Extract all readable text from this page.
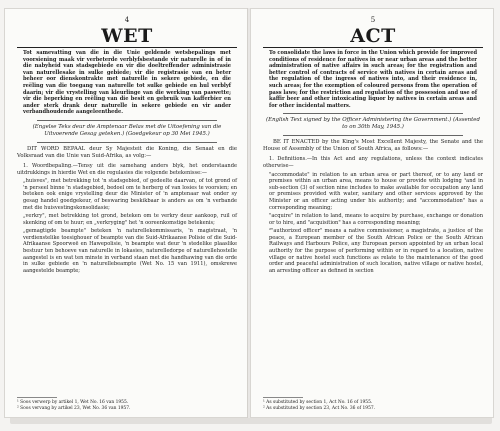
4
WET
Tot samevatting van die in die Unie geldende wetsbepalings met voorsiening maak vir verbeterde verblyfsbestande vir naturelle in of in die nabyheid van stadsgebiede en vir die doeltreffender administrasie van naturellesake in sulke gebiede; vir die registrasie van en beter beheer oor dienskontrakte met naturelle in sekere gebiede, en die reëling van die toegang van naturelle tot sulke gebiede en hul verblyf daarin; vir die vrystelling van kleurlinge van die werking van paswette; vir die beperking en reëling van die besit en gebruik van kafferbier en ander sterk drank deur naturelle in sekere gebiede en vir ander verbandhoudende aangeleenthede.
(Engelse Teks deur die Amptenaar Belas met die Uitoefening van die Uitvoerende Gesag geteken.) (Goedgekeur op 30 Mei 1945.)
DIT WORD BEPAAL deur Sy Majesteit die Koning, die Senaat en die Volksraad van die Unie van Suid-Afrika, as volg:—
1. Woordbepaling.—Tensy uit die samehang anders blyk, het onderstaande uitdrukkings in hierdie Wet en die regulasies die volgende betekenisse:—
„huisves", met betrekking tot 'n stadsgebied, of gedeelte daarvan, of tot grond of 'n perseel binne 'n stadsgebied, bedoel om te herberg of van losies te voorsien; en beteken ook enige vrystelling deur die Minister of 'n amptenaar wat onder sy gesag handel goedgekeur, of beswaring beskikbaar is anders as om 'n verbande met die huisvestingskonsolidasie;
„verkry", met betrekking tot grond, beteken om te verkry deur aankoop, ruil of skenking of om te huur; en „verkryging" het 'n ooreenkomstige betekenis;
„gemagtigde beampte" beteken 'n naturellekommissaris, 'n magistraat, 'n verdienstelike toesighouer of beampte van die Suid-Afrikaanse Polisie of die Suid-Afrikaanse Spoorweë en Hawepolisie, 'n beampte wat deur 'n stedelike plaaslike bestuur ten behoeve van naturelle in lokasies, naturelledorpe of naturellehostelle aangestel is en wat ten minste in verband staan met die handhawing van die orde in sulke gebiede en 'n naturellebeampte (Wet No. 15 van 1911), omskrewe aangestelde beampte;
¹ Soos verwerp by artikel 1, Wet No. 16 van 1955.
² Soos vervang by artikel 23, Wet No. 36 van 1957.
5
ACT
To consolidate the laws in force in the Union which provide for improved conditions of residence for natives in or near urban areas and the better administration of native affairs in such areas; for the registration and better control of contracts of service with natives in certain areas and the regulation of the ingress of natives into, and their residence in, such areas; for the exemption of coloured persons from the operation of pass laws; for the restriction and regulation of the possession and use of kaffir beer and other intoxicating liquor by natives in certain areas and for other incidental matters.
(English Text signed by the Officer Administering the Government.) (Assented to on 30th May, 1945.)
BE IT ENACTED by the King's Most Excellent Majesty, the Senate and the House of Assembly of the Union of South Africa, as follows:—
1. Definitions.—In this Act and any regulations, unless the context indicates otherwise—
"accommodate" in relation to an urban area or part thereof, or to any land or premises within an urban area, means to house or provide with lodging ¹and in sub-section (3) of section nine includes to make available for occupation any land or premises provided with water, sanitary and other services approved by the Minister or an officer acting under his authority; and "accommodation" has a corresponding meaning;
"acquire" in relation to land, means to acquire by purchase, exchange or donation or to hire, and "acquisition" has a corresponding meaning;
²"authorized officer" means a native commissioner, a magistrate, a justice of the peace, a European member of the South African Police or the South African Railways and Harbours Police, any European person appointed by an urban local authority for the purpose of performing within or in regard to a location, native village or native hostel such functions as relate to the maintenance of the good order and peaceful administration of such location, native village or native hostel, an arresting officer as defined in section
¹ As substituted by section 1, Act No. 16 of 1955.
² As substituted by section 23, Act No. 36 of 1957.
